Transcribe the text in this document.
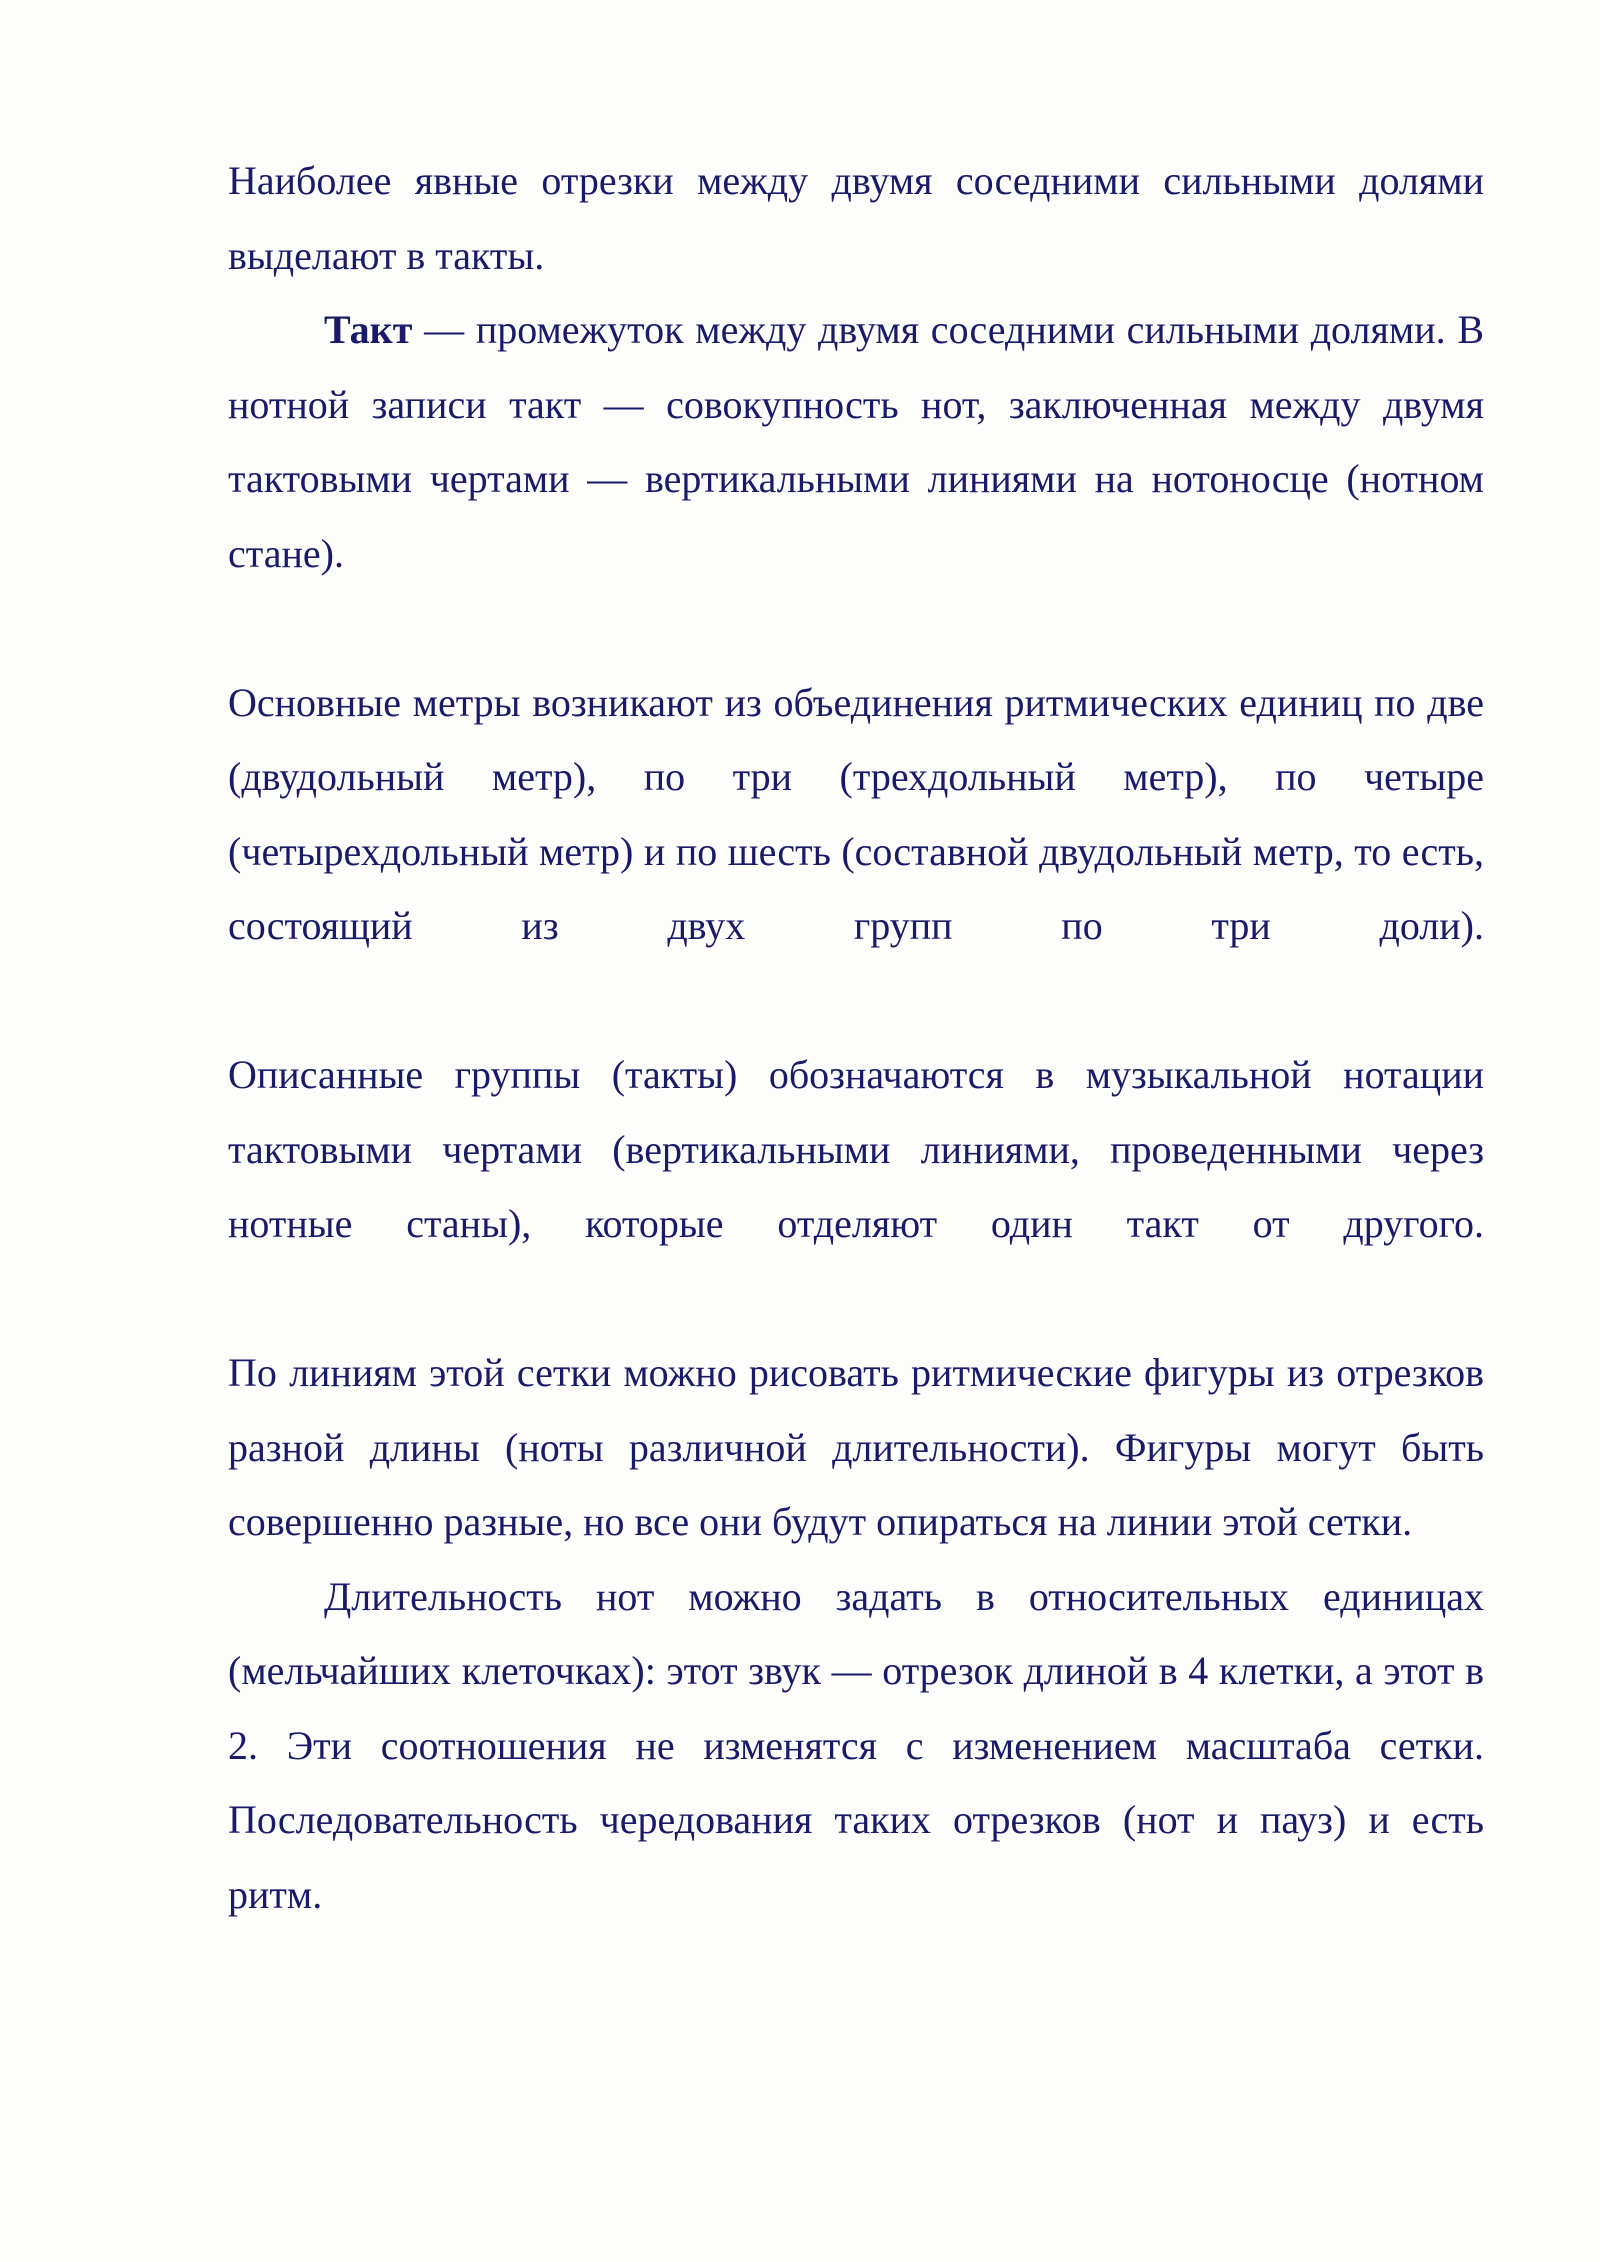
Наиболее явные отрезки между двумя соседними сильными долями выделают в такты.

Такт — промежуток между двумя соседними сильными долями. В нотной записи такт — совокупность нот, заключенная между двумя тактовыми чертами — вертикальными линиями на нотоносце (нотном стане).

Основные метры возникают из объединения ритмических единиц по две (двудольный метр), по три (трехдольный метр), по четыре (четырехдольный метр) и по шесть (составной двудольный метр, то есть, состоящий из двух групп по три доли).

Описанные группы (такты) обозначаются в музыкальной нотации тактовыми чертами (вертикальными линиями, проведенными через нотные станы), которые отделяют один такт от другого.

По линиям этой сетки можно рисовать ритмические фигуры из отрезков разной длины (ноты различной длительности). Фигуры могут быть совершенно разные, но все они будут опираться на линии этой сетки.

Длительность нот можно задать в относительных единицах (мельчайших клеточках): этот звук — отрезок длиной в 4 клетки, а этот в 2. Эти соотношения не изменятся с изменением масштаба сетки. Последовательность чередования таких отрезков (нот и пауз) и есть ритм.
